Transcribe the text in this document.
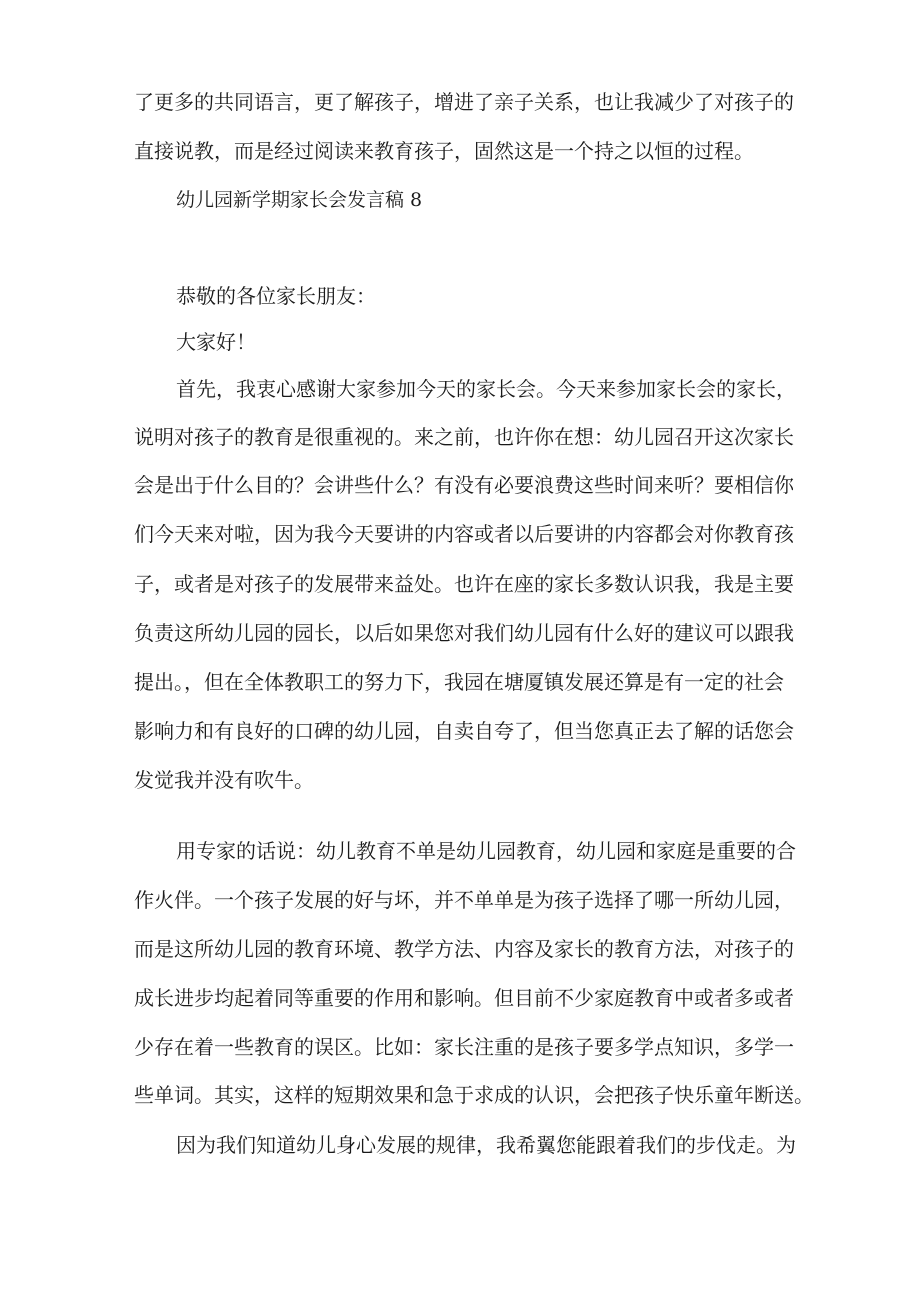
了更多的共同语言，更了解孩子，增进了亲子关系，也让我减少了对孩子的
直接说教，而是经过阅读来教育孩子，固然这是一个持之以恒的过程。
幼儿园新学期家长会发言稿 8
恭敬的各位家长朋友：
大家好！
首先，我衷心感谢大家参加今天的家长会。今天来参加家长会的家长，
说明对孩子的教育是很重视的。来之前，也许你在想：幼儿园召开这次家长
会是出于什么目的？会讲些什么？有没有必要浪费这些时间来听？要相信你
们今天来对啦，因为我今天要讲的内容或者以后要讲的内容都会对你教育孩
子，或者是对孩子的发展带来益处。也许在座的家长多数认识我，我是主要
负责这所幼儿园的园长，以后如果您对我们幼儿园有什么好的建议可以跟我
提出。，但在全体教职工的努力下，我园在塘厦镇发展还算是有一定的社会
影响力和有良好的口碑的幼儿园，自卖自夸了，但当您真正去了解的话您会
发觉我并没有吹牛。
用专家的话说：幼儿教育不单是幼儿园教育，幼儿园和家庭是重要的合
作火伴。一个孩子发展的好与坏，并不单单是为孩子选择了哪一所幼儿园，
而是这所幼儿园的教育环境、教学方法、内容及家长的教育方法，对孩子的
成长进步均起着同等重要的作用和影响。但目前不少家庭教育中或者多或者
少存在着一些教育的误区。比如：家长注重的是孩子要多学点知识，多学一
些单词。其实，这样的短期效果和急于求成的认识，会把孩子快乐童年断送。
因为我们知道幼儿身心发展的规律，我希翼您能跟着我们的步伐走。为
